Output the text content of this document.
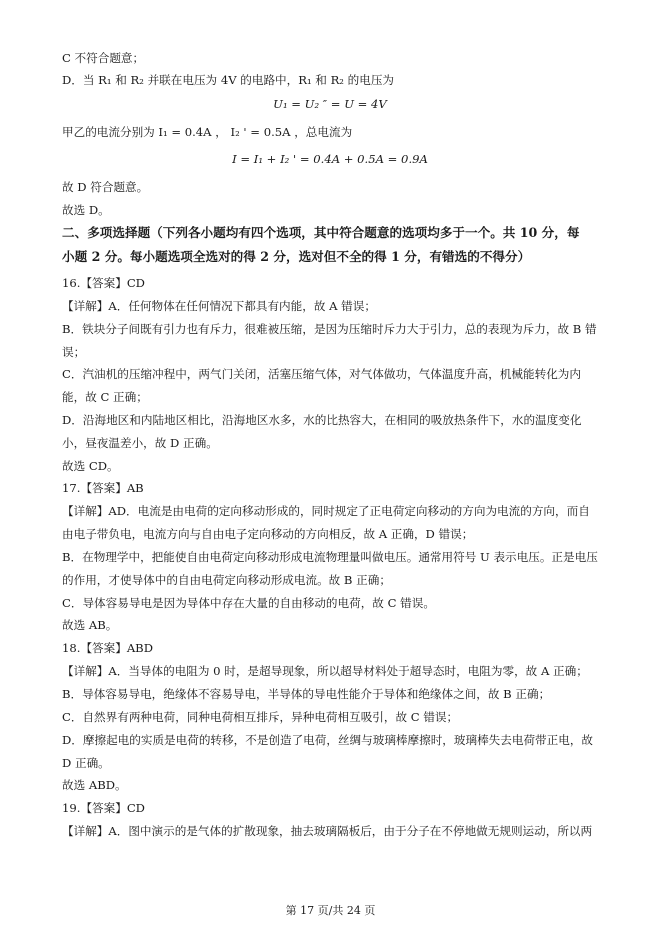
C 不符合题意；
D．当 R₁ 和 R₂ 并联在电压为 4V 的电路中，R₁ 和 R₂ 的电压为
U₁ = U₂ ″ = U = 4V
甲乙的电流分别为 I₁ = 0.4A ， I₂ ' = 0.5A ，总电流为
I = I₁ + I₂ ' = 0.4A + 0.5A = 0.9A
故 D 符合题意。
故选 D。
二、多项选择题（下列各小题均有四个选项，其中符合题意的选项均多于一个。共 10 分，每
小题 2 分。每小题选项全选对的得 2 分，选对但不全的得 1 分，有错选的不得分）
16.【答案】CD
【详解】A．任何物体在任何情况下都具有内能，故 A 错误；
B．铁块分子间既有引力也有斥力，很难被压缩，是因为压缩时斥力大于引力，总的表现为斥力，故 B 错
误；
C．汽油机的压缩冲程中，两气门关闭，活塞压缩气体，对气体做功，气体温度升高，机械能转化为内
能，故 C 正确；
D．沿海地区和内陆地区相比，沿海地区水多，水的比热容大，在相同的吸放热条件下，水的温度变化
小，昼夜温差小，故 D 正确。
故选 CD。
17.【答案】AB
【详解】AD．电流是由电荷的定向移动形成的，同时规定了正电荷定向移动的方向为电流的方向，而自
由电子带负电，电流方向与自由电子定向移动的方向相反，故 A 正确，D 错误；
B．在物理学中，把能使自由电荷定向移动形成电流物理量叫做电压。通常用符号 U 表示电压。正是电压
的作用，才使导体中的自由电荷定向移动形成电流。故 B 正确；
C．导体容易导电是因为导体中存在大量的自由移动的电荷，故 C 错误。
故选 AB。
18.【答案】ABD
【详解】A．当导体的电阻为 0 时，是超导现象，所以超导材料处于超导态时，电阻为零，故 A 正确；
B．导体容易导电，绝缘体不容易导电，半导体的导电性能介于导体和绝缘体之间，故 B 正确；
C．自然界有两种电荷，同种电荷相互排斥，异种电荷相互吸引，故 C 错误；
D．摩擦起电的实质是电荷的转移，不是创造了电荷，丝绸与玻璃棒摩擦时，玻璃棒失去电荷带正电，故
D 正确。
故选 ABD。
19.【答案】CD
【详解】A．图中演示的是气体的扩散现象，抽去玻璃隔板后，由于分子在不停地做无规则运动，所以两
第 17 页/共 24 页
